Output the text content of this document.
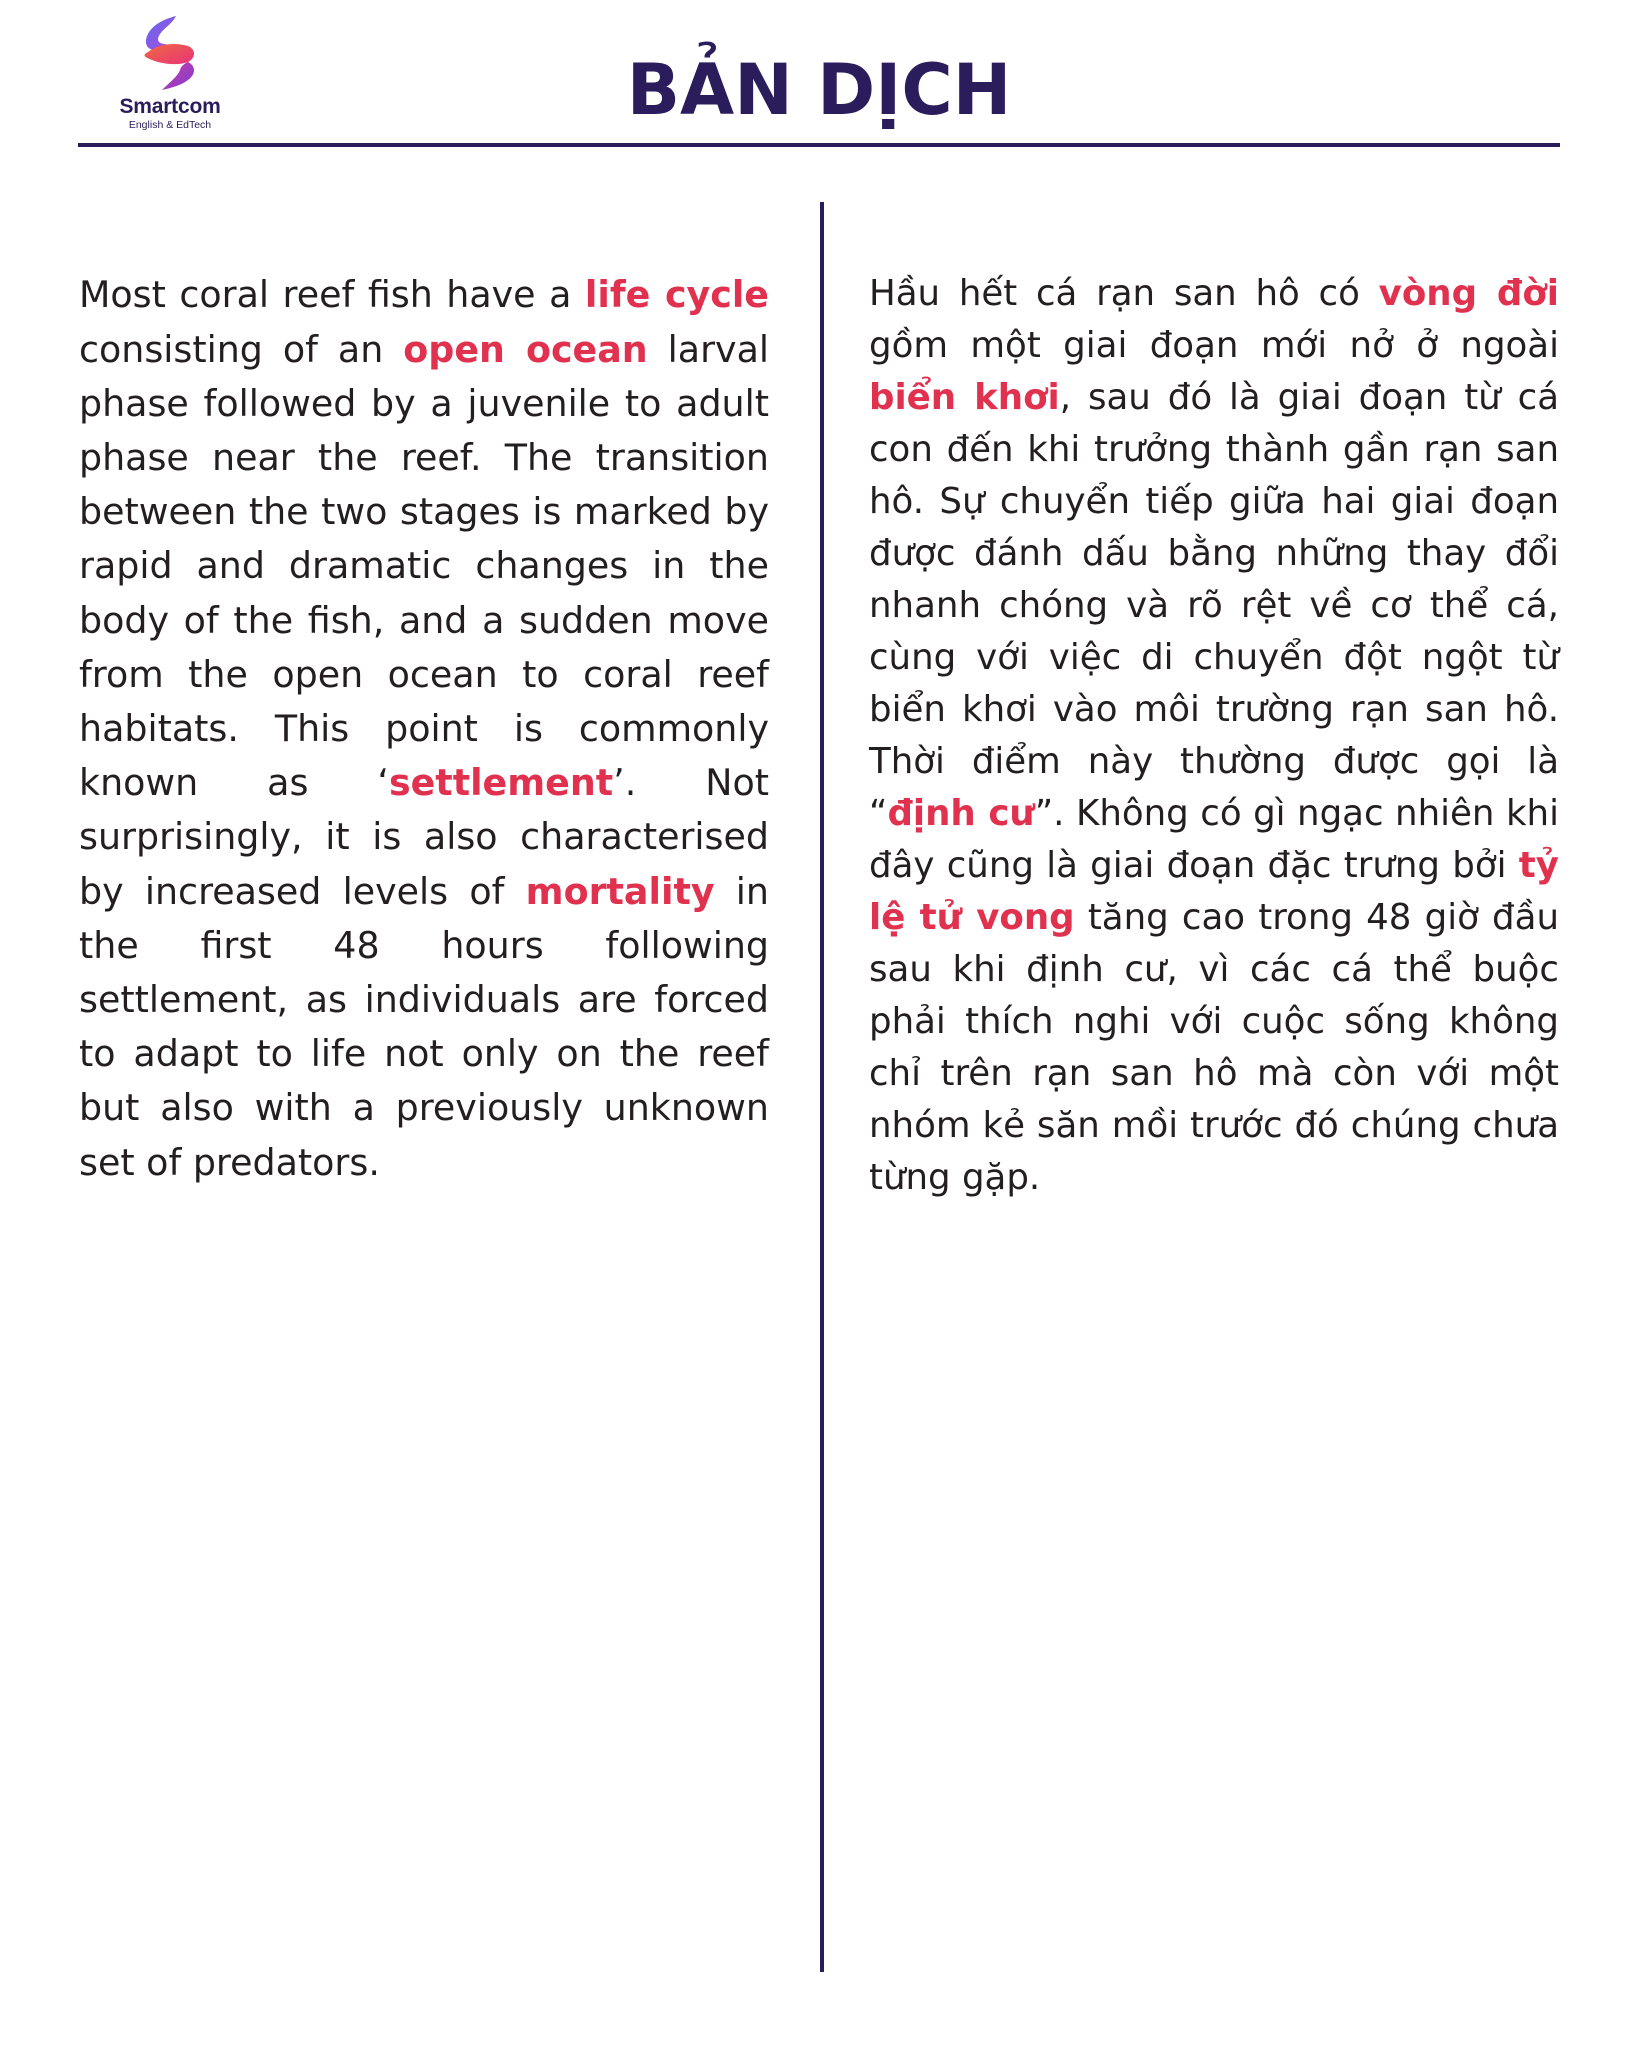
Smartcom
English & EdTech	BẢN DỊCH

Most coral reef fish have a life cycle consisting of an open ocean larval phase followed by a juvenile to adult phase near the reef. The transition between the two stages is marked by rapid and dramatic changes in the body of the fish, and a sudden move from the open ocean to coral reef habitats. This point is commonly known as ‘settlement’. Not surprisingly, it is also characterised by increased levels of mortality in the first 48 hours following settlement, as individuals are forced to adapt to life not only on the reef but also with a previously unknown set of predators.

Hầu hết cá rạn san hô có vòng đời gồm một giai đoạn mới nở ở ngoài biển khơi, sau đó là giai đoạn từ cá con đến khi trưởng thành gần rạn san hô. Sự chuyển tiếp giữa hai giai đoạn được đánh dấu bằng những thay đổi nhanh chóng và rõ rệt về cơ thể cá, cùng với việc di chuyển đột ngột từ biển khơi vào môi trường rạn san hô. Thời điểm này thường được gọi là “định cư”. Không có gì ngạc nhiên khi đây cũng là giai đoạn đặc trưng bởi tỷ lệ tử vong tăng cao trong 48 giờ đầu sau khi định cư, vì các cá thể buộc phải thích nghi với cuộc sống không chỉ trên rạn san hô mà còn với một nhóm kẻ săn mồi trước đó chúng chưa từng gặp.
